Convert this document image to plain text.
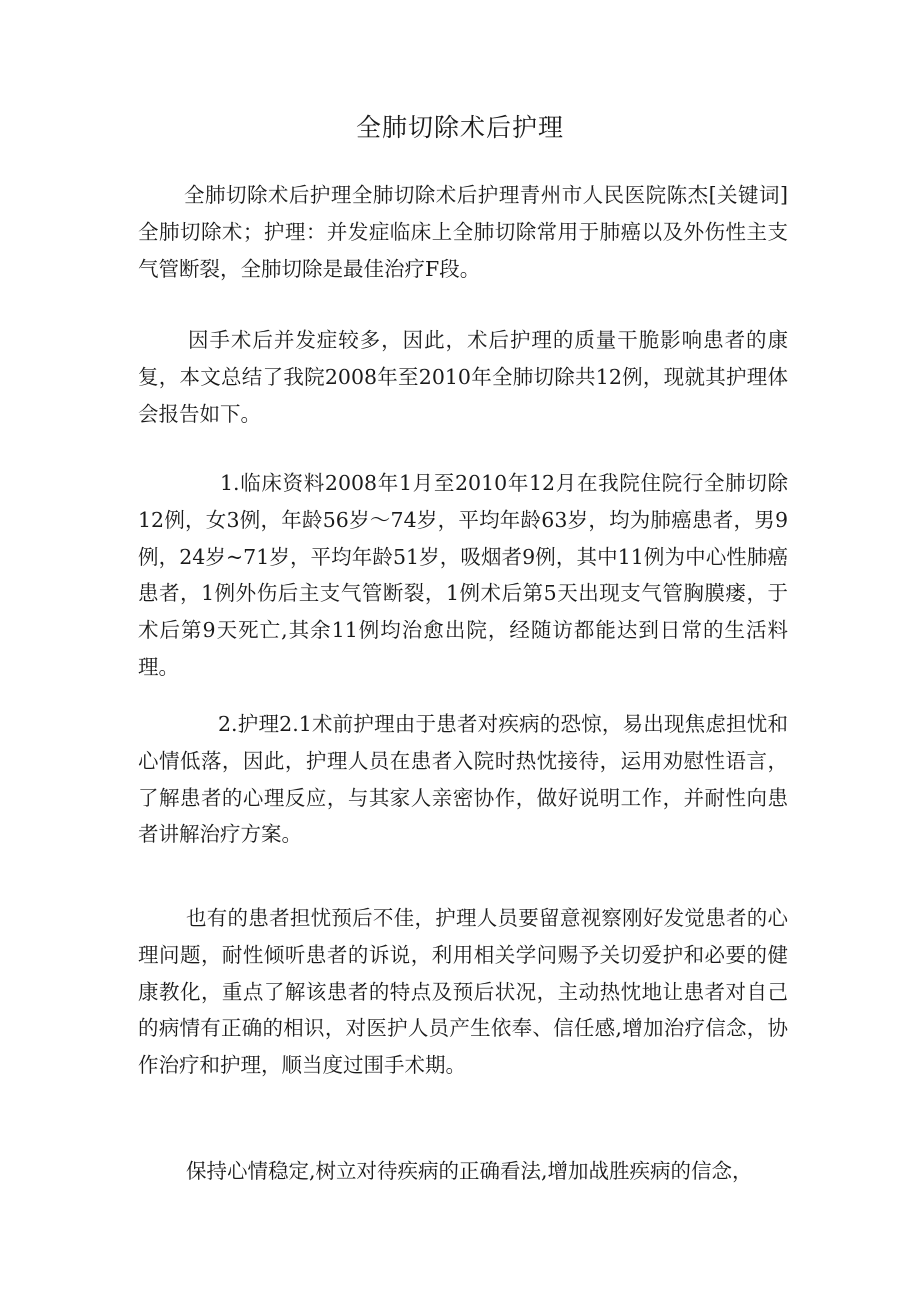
全肺切除术后护理

全肺切除术后护理全肺切除术后护理青州市人民医院陈杰[关键词]全肺切除术；护理：并发症临床上全肺切除常用于肺癌以及外伤性主支气管断裂，全肺切除是最佳治疗F段。

因手术后并发症较多，因此，术后护理的质量干脆影响患者的康复，本文总结了我院2008年至2010年全肺切除共12例，现就其护理体会报告如下。

1.临床资料2008年1月至2010年12月在我院住院行全肺切除12例，女3例，年龄56岁～74岁，平均年龄63岁，均为肺癌患者，男9例，24岁~71岁，平均年龄51岁，吸烟者9例，其中11例为中心性肺癌患者，1例外伤后主支气管断裂，1例术后第5天出现支气管胸膜瘘，于术后第9天死亡,其余11例均治愈出院，经随访都能达到日常的生活料理。

2.护理2.1术前护理由于患者对疾病的恐惊，易出现焦虑担忧和心情低落，因此，护理人员在患者入院时热忱接待，运用劝慰性语言，了解患者的心理反应，与其家人亲密协作，做好说明工作，并耐性向患者讲解治疗方案。

也有的患者担忧预后不佳，护理人员要留意视察刚好发觉患者的心理问题，耐性倾听患者的诉说，利用相关学问赐予关切爱护和必要的健康教化，重点了解该患者的特点及预后状况，主动热忱地让患者对自己的病情有正确的相识，对医护人员产生依奉、信任感,增加治疗信念，协作治疗和护理，顺当度过围手术期。

保持心情稳定,树立对待疾病的正确看法,增加战胜疾病的信念，
